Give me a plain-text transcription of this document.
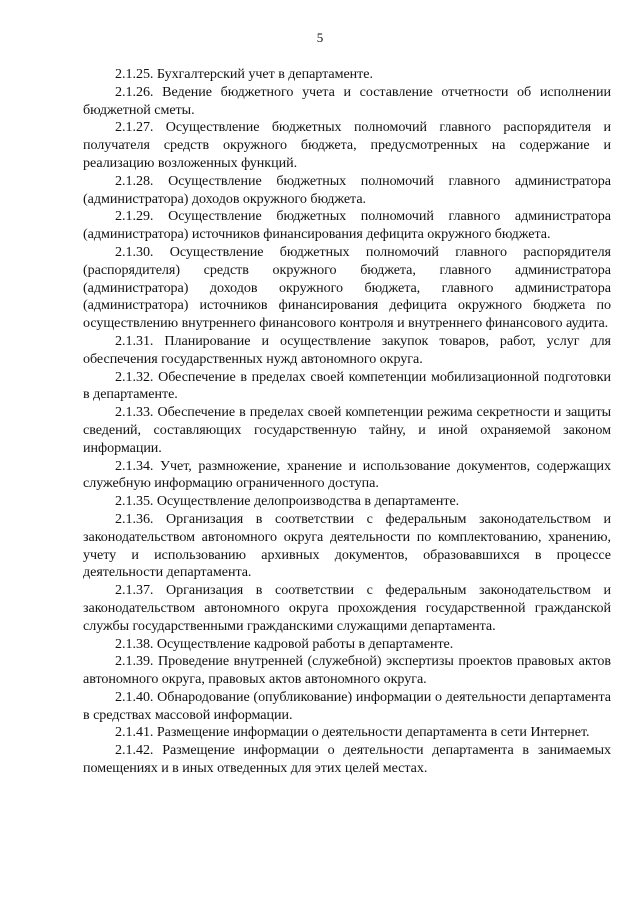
5

2.1.25. Бухгалтерский учет в департаменте.

2.1.26. Ведение бюджетного учета и составление отчетности об исполнении бюджетной сметы.

2.1.27. Осуществление бюджетных полномочий главного распорядителя и получателя средств окружного бюджета, предусмотренных на содержание и реализацию возложенных функций.

2.1.28. Осуществление бюджетных полномочий главного администратора (администратора) доходов окружного бюджета.

2.1.29. Осуществление бюджетных полномочий главного администратора (администратора) источников финансирования дефицита окружного бюджета.

2.1.30. Осуществление бюджетных полномочий главного распорядителя (распорядителя) средств окружного бюджета, главного администратора (администратора) доходов окружного бюджета, главного администратора (администратора) источников финансирования дефицита окружного бюджета по осуществлению внутреннего финансового контроля и внутреннего финансового аудита.

2.1.31. Планирование и осуществление закупок товаров, работ, услуг для обеспечения государственных нужд автономного округа.

2.1.32. Обеспечение в пределах своей компетенции мобилизационной подготовки в департаменте.

2.1.33. Обеспечение в пределах своей компетенции режима секретности и защиты сведений, составляющих государственную тайну, и иной охраняемой законом информации.

2.1.34. Учет, размножение, хранение и использование документов, содержащих служебную информацию ограниченного доступа.

2.1.35. Осуществление делопроизводства в департаменте.

2.1.36. Организация в соответствии с федеральным законодательством и законодательством автономного округа деятельности по комплектованию, хранению, учету и использованию архивных документов, образовавшихся в процессе деятельности департамента.

2.1.37. Организация в соответствии с федеральным законодательством и законодательством автономного округа прохождения государственной гражданской службы государственными гражданскими служащими департамента.

2.1.38. Осуществление кадровой работы в департаменте.

2.1.39. Проведение внутренней (служебной) экспертизы проектов правовых актов автономного округа, правовых актов автономного округа.

2.1.40. Обнародование (опубликование) информации о деятельности департамента в средствах массовой информации.

2.1.41. Размещение информации о деятельности департамента в сети Интернет.

2.1.42. Размещение информации о деятельности департамента в занимаемых помещениях и в иных отведенных для этих целей местах.
